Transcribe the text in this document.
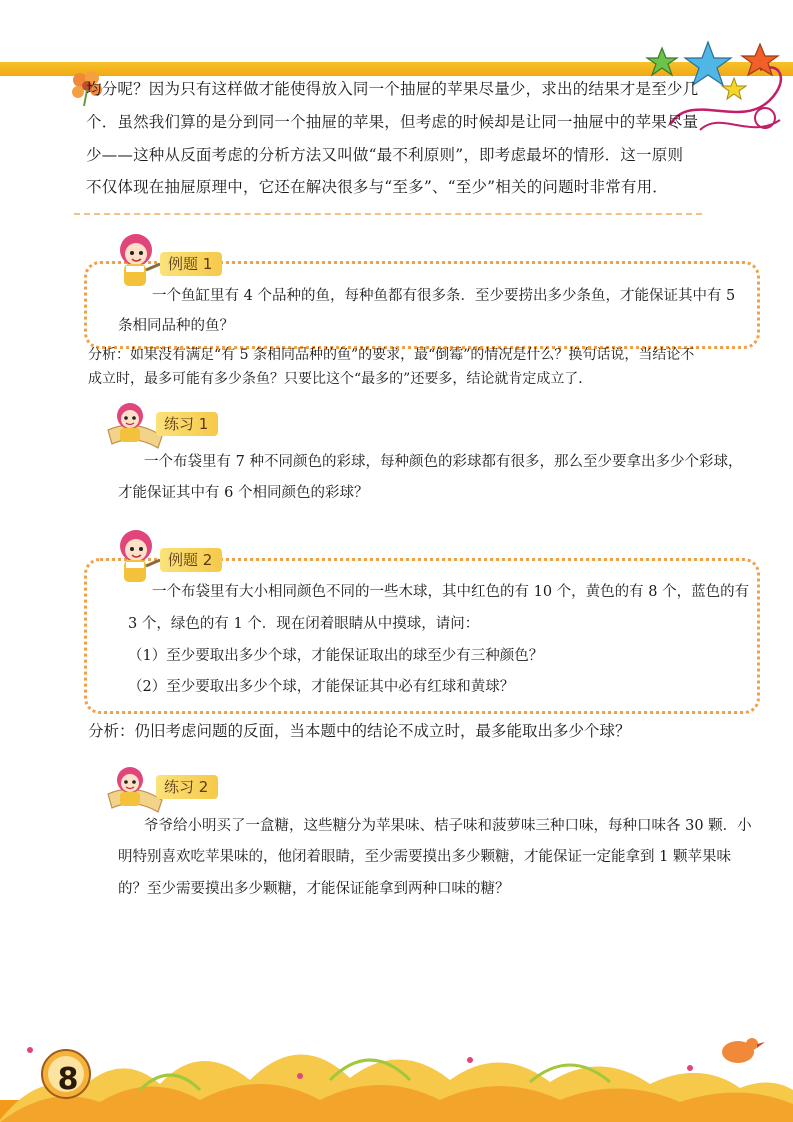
均分呢？因为只有这样做才能使得放入同一个抽屉的苹果尽量少，求出的结果才是至少几
个．虽然我们算的是分到同一个抽屉的苹果，但考虑的时候却是让同一抽屉中的苹果尽量
少——这种从反面考虑的分析方法又叫做“最不利原则”，即考虑最坏的情形．这一原则
不仅体现在抽屉原理中，它还在解决很多与“至多”、“至少”相关的问题时非常有用．
例题 1
一个鱼缸里有 4 个品种的鱼，每种鱼都有很多条．至少要捞出多少条鱼，才能保证其中有 5
条相同品种的鱼？
分析：如果没有满足“有 5 条相同品种的鱼”的要求，最“倒霉”的情况是什么？换句话说，当结论不
成立时，最多可能有多少条鱼？只要比这个“最多的”还要多，结论就肯定成立了．
练习 1
一个布袋里有 7 种不同颜色的彩球，每种颜色的彩球都有很多，那么至少要拿出多少个彩球，
才能保证其中有 6 个相同颜色的彩球？
例题 2
一个布袋里有大小相同颜色不同的一些木球，其中红色的有 10 个，黄色的有 8 个，蓝色的有
3 个，绿色的有 1 个．现在闭着眼睛从中摸球，请问：
（1）至少要取出多少个球，才能保证取出的球至少有三种颜色？
（2）至少要取出多少个球，才能保证其中必有红球和黄球？
分析：仍旧考虑问题的反面，当本题中的结论不成立时，最多能取出多少个球？
练习 2
爷爷给小明买了一盒糖，这些糖分为苹果味、桔子味和菠萝味三种口味，每种口味各 30 颗．小
明特别喜欢吃苹果味的，他闭着眼睛，至少需要摸出多少颗糖，才能保证一定能拿到 1 颗苹果味
的？至少需要摸出多少颗糖，才能保证能拿到两种口味的糖？
8
